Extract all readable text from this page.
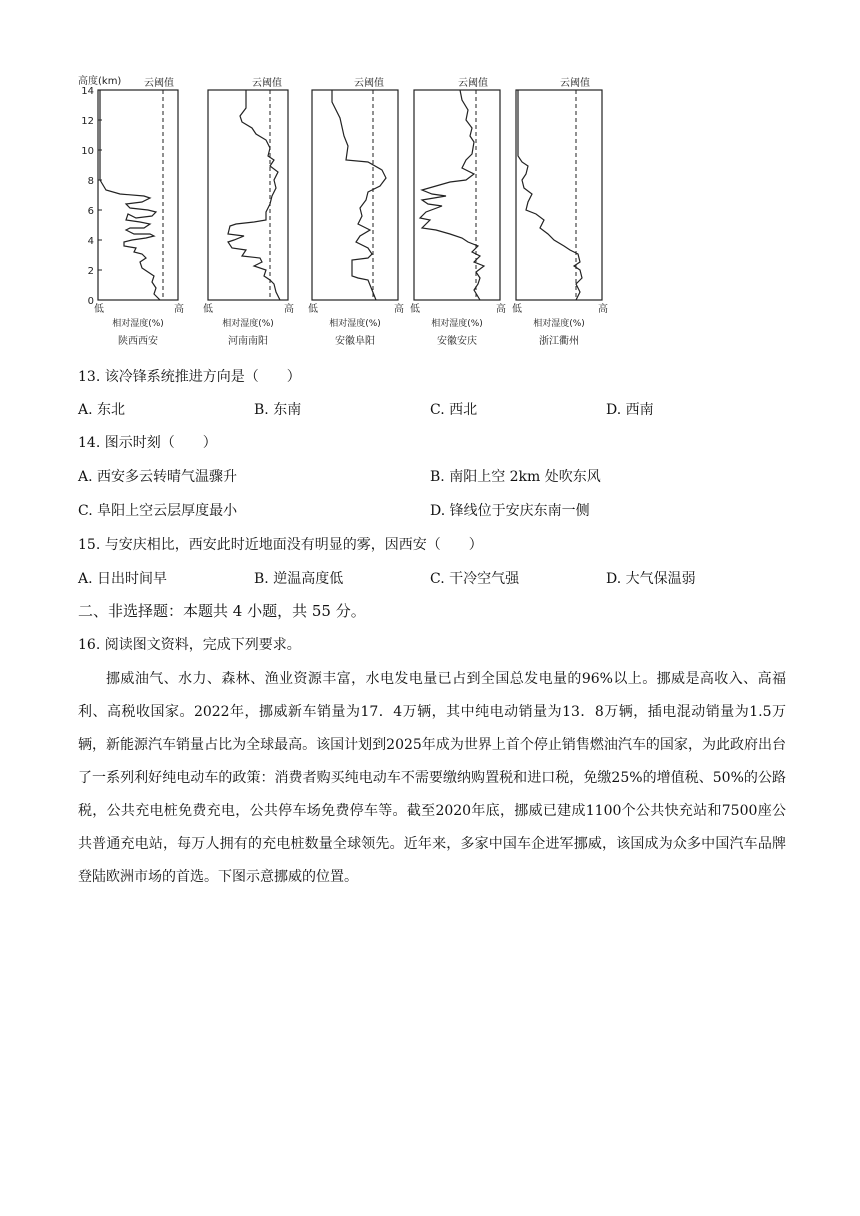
高度(km)
14
12
10
8
6
4
2
0
云阈值
低	高
相对湿度(%)
陕西西安
云阈值
低	高
相对湿度(%)
河南南阳
云阈值
低	高
相对湿度(%)
安徽阜阳
云阈值
低	高
相对湿度(%)
安徽安庆
云阈值
低	高
相对湿度(%)
浙江衢州
13. 该冷锋系统推进方向是（　　）
A. 东北	B. 东南	C. 西北	D. 西南
14. 图示时刻（　　）
A. 西安多云转晴气温骤升	B. 南阳上空 2km 处吹东风
C. 阜阳上空云层厚度最小	D. 锋线位于安庆东南一侧
15. 与安庆相比，西安此时近地面没有明显的雾，因西安（　　）
A. 日出时间早	B. 逆温高度低	C. 干冷空气强	D. 大气保温弱
二、非选择题：本题共 4 小题，共 55 分。
16. 阅读图文资料，完成下列要求。
挪威油气、水力、森林、渔业资源丰富，水电发电量已占到全国总发电量的96%以上。挪威是高收入、高福利、高税收国家。2022年，挪威新车销量为17．4万辆，其中纯电动销量为13．8万辆，插电混动销量为1.5万辆，新能源汽车销量占比为全球最高。该国计划到2025年成为世界上首个停止销售燃油汽车的国家，为此政府出台了一系列利好纯电动车的政策：消费者购买纯电动车不需要缴纳购置税和进口税，免缴25%的增值税、50%的公路税，公共充电桩免费充电，公共停车场免费停车等。截至2020年底，挪威已建成1100个公共快充站和7500座公共普通充电站，每万人拥有的充电桩数量全球领先。近年来，多家中国车企进军挪威，该国成为众多中国汽车品牌登陆欧洲市场的首选。下图示意挪威的位置。
